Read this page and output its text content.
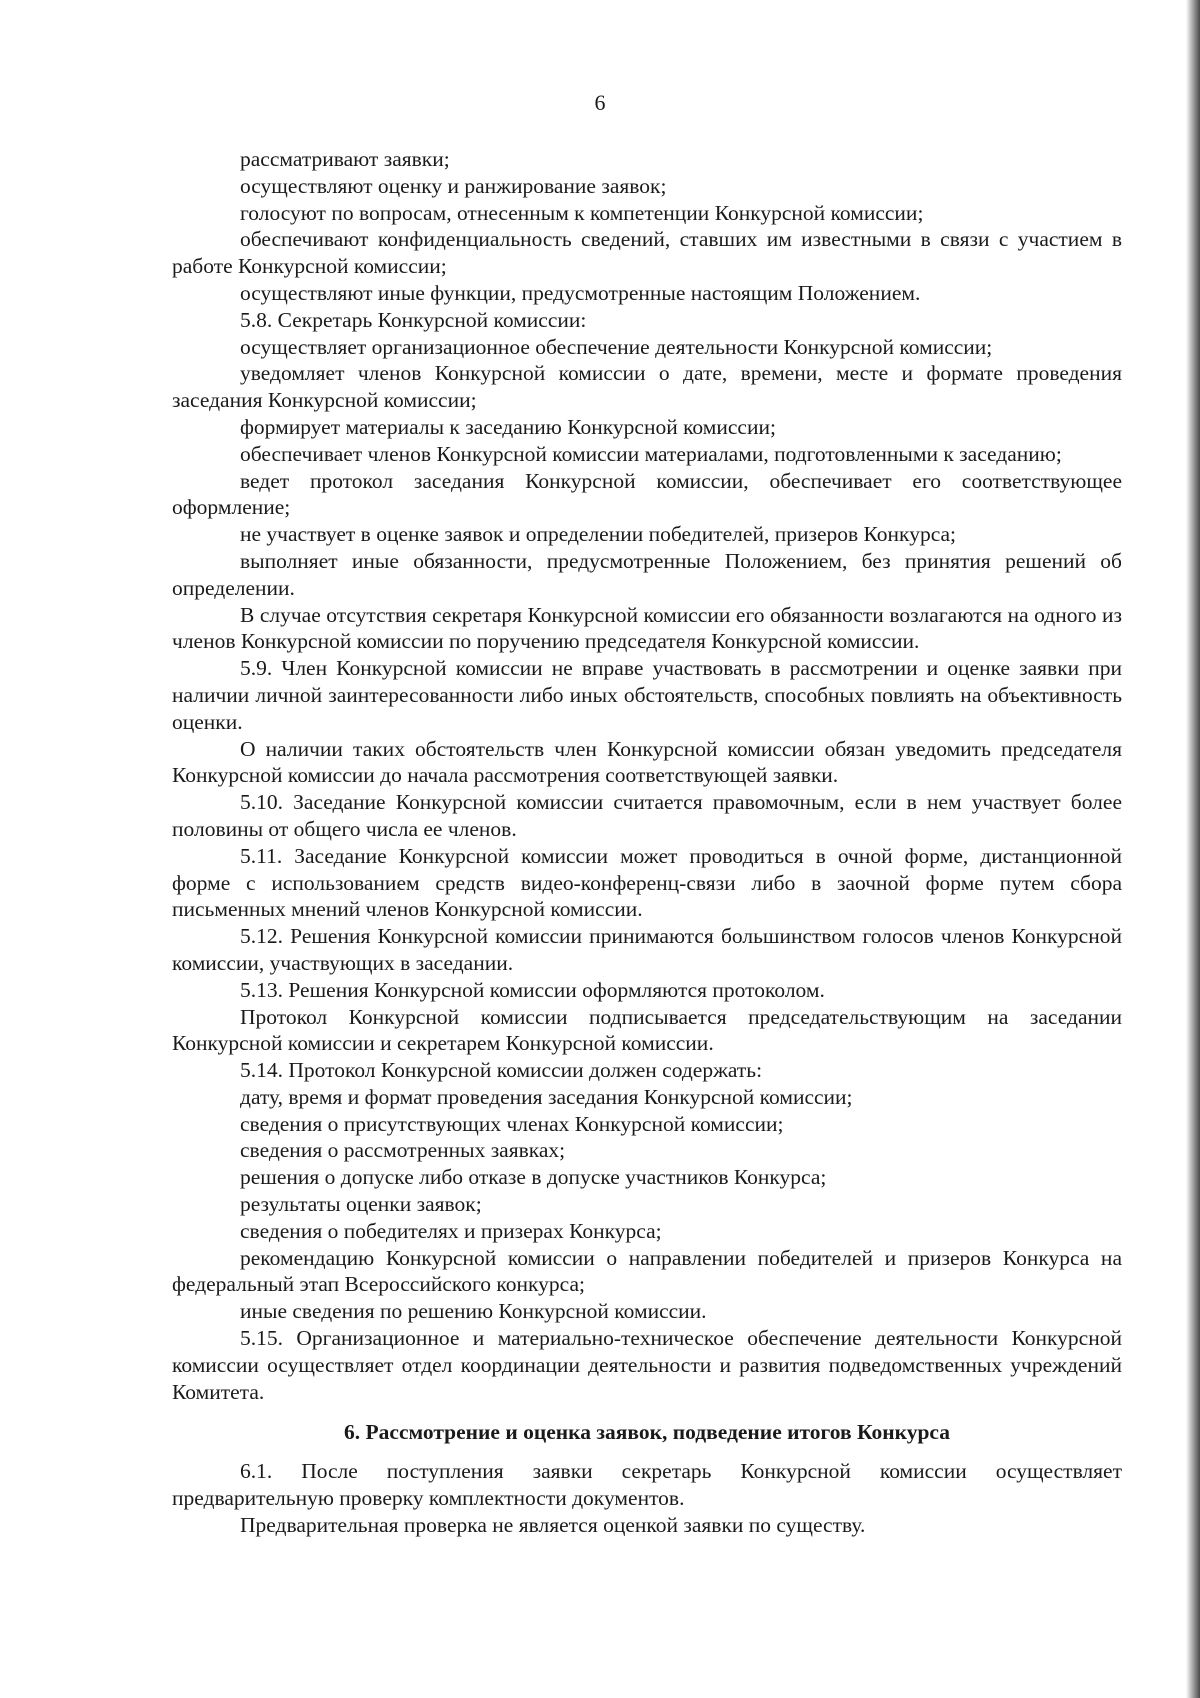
6

рассматривают заявки;

осуществляют оценку и ранжирование заявок;

голосуют по вопросам, отнесенным к компетенции Конкурсной комиссии;

обеспечивают конфиденциальность сведений, ставших им известными в связи с участием в работе Конкурсной комиссии;

осуществляют иные функции, предусмотренные настоящим Положением.

5.8. Секретарь Конкурсной комиссии:

осуществляет организационное обеспечение деятельности Конкурсной комиссии;

уведомляет членов Конкурсной комиссии о дате, времени, месте и формате проведения заседания Конкурсной комиссии;

формирует материалы к заседанию Конкурсной комиссии;

обеспечивает членов Конкурсной комиссии материалами, подготовленными к заседанию;

ведет протокол заседания Конкурсной комиссии, обеспечивает его соответствующее оформление;

не участвует в оценке заявок и определении победителей, призеров Конкурса;

выполняет иные обязанности, предусмотренные Положением, без принятия решений об определении.

В случае отсутствия секретаря Конкурсной комиссии его обязанности возлагаются на одного из членов Конкурсной комиссии по поручению председателя Конкурсной комиссии.

5.9. Член Конкурсной комиссии не вправе участвовать в рассмотрении и оценке заявки при наличии личной заинтересованности либо иных обстоятельств, способных повлиять на объективность оценки.

О наличии таких обстоятельств член Конкурсной комиссии обязан уведомить председателя Конкурсной комиссии до начала рассмотрения соответствующей заявки.

5.10. Заседание Конкурсной комиссии считается правомочным, если в нем участвует более половины от общего числа ее членов.

5.11. Заседание Конкурсной комиссии может проводиться в очной форме, дистанционной форме с использованием средств видео-конференц-связи либо в заочной форме путем сбора письменных мнений членов Конкурсной комиссии.

5.12. Решения Конкурсной комиссии принимаются большинством голосов членов Конкурсной комиссии, участвующих в заседании.

5.13. Решения Конкурсной комиссии оформляются протоколом.

Протокол Конкурсной комиссии подписывается председательствующим на заседании Конкурсной комиссии и секретарем Конкурсной комиссии.

5.14. Протокол Конкурсной комиссии должен содержать:

дату, время и формат проведения заседания Конкурсной комиссии;

сведения о присутствующих членах Конкурсной комиссии;

сведения о рассмотренных заявках;

решения о допуске либо отказе в допуске участников Конкурса;

результаты оценки заявок;

сведения о победителях и призерах Конкурса;

рекомендацию Конкурсной комиссии о направлении победителей и призеров Конкурса на федеральный этап Всероссийского конкурса;

иные сведения по решению Конкурсной комиссии.

5.15. Организационное и материально-техническое обеспечение деятельности Конкурсной комиссии осуществляет отдел координации деятельности и развития подведомственных учреждений Комитета.

6. Рассмотрение и оценка заявок, подведение итогов Конкурса

6.1. После поступления заявки секретарь Конкурсной комиссии осуществляет предварительную проверку комплектности документов.

Предварительная проверка не является оценкой заявки по существу.
